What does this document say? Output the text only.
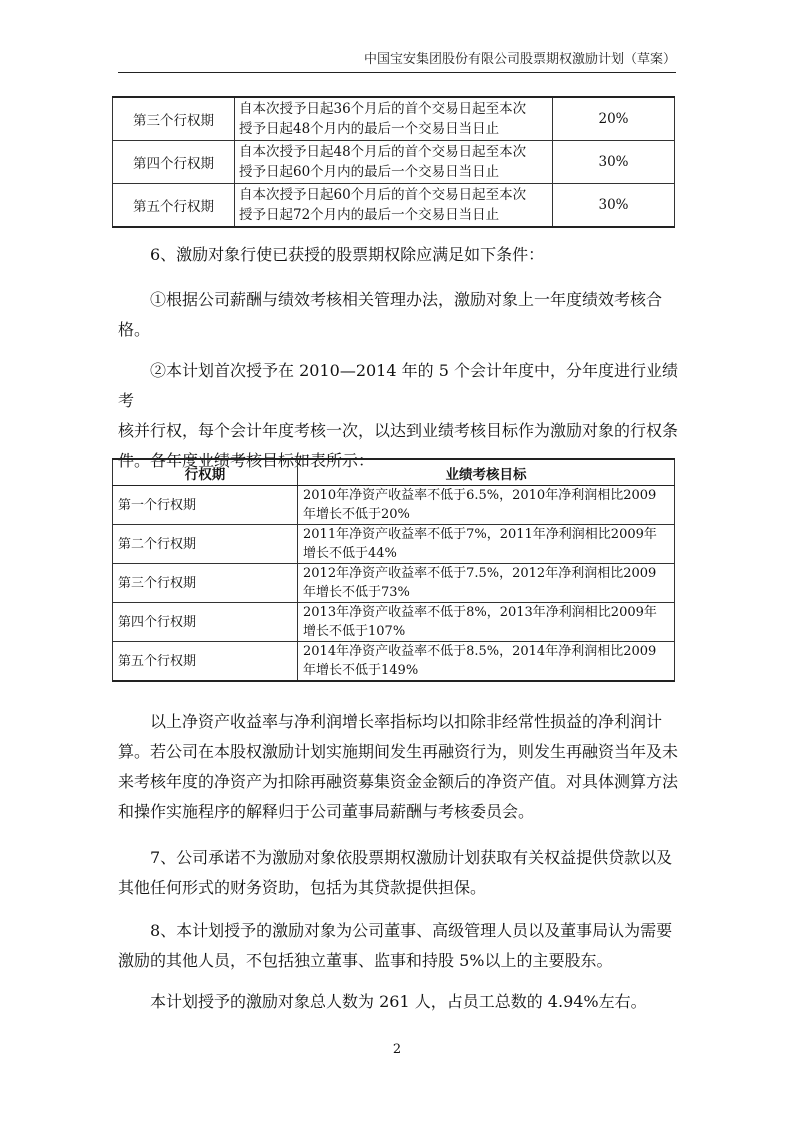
中国宝安集团股份有限公司股票期权激励计划（草案）
第三个行权期	自本次授予日起36个月后的首个交易日起至本次
授予日起48个月内的最后一个交易日当日止	20%
第四个行权期	自本次授予日起48个月后的首个交易日起至本次
授予日起60个月内的最后一个交易日当日止	30%
第五个行权期	自本次授予日起60个月后的首个交易日起至本次
授予日起72个月内的最后一个交易日当日止	30%

6、激励对象行使已获授的股票期权除应满足如下条件：

①根据公司薪酬与绩效考核相关管理办法，激励对象上一年度绩效考核合
格。

②本计划首次授予在 2010—2014 年的 5 个会计年度中，分年度进行业绩考
核并行权，每个会计年度考核一次，以达到业绩考核目标作为激励对象的行权条
件。各年度业绩考核目标如表所示：

行权期	业绩考核目标
第一个行权期	2010年净资产收益率不低于6.5%，2010年净利润相比2009
年增长不低于20%
第二个行权期	2011年净资产收益率不低于7%，2011年净利润相比2009年
增长不低于44%
第三个行权期	2012年净资产收益率不低于7.5%，2012年净利润相比2009
年增长不低于73%
第四个行权期	2013年净资产收益率不低于8%，2013年净利润相比2009年
增长不低于107%
第五个行权期	2014年净资产收益率不低于8.5%，2014年净利润相比2009
年增长不低于149%

以上净资产收益率与净利润增长率指标均以扣除非经常性损益的净利润计
算。若公司在本股权激励计划实施期间发生再融资行为，则发生再融资当年及未
来考核年度的净资产为扣除再融资募集资金金额后的净资产值。对具体测算方法
和操作实施程序的解释归于公司董事局薪酬与考核委员会。

7、公司承诺不为激励对象依股票期权激励计划获取有关权益提供贷款以及
其他任何形式的财务资助，包括为其贷款提供担保。

8、本计划授予的激励对象为公司董事、高级管理人员以及董事局认为需要
激励的其他人员，不包括独立董事、监事和持股 5%以上的主要股东。

本计划授予的激励对象总人数为 261 人，占员工总数的 4.94%左右。

2
